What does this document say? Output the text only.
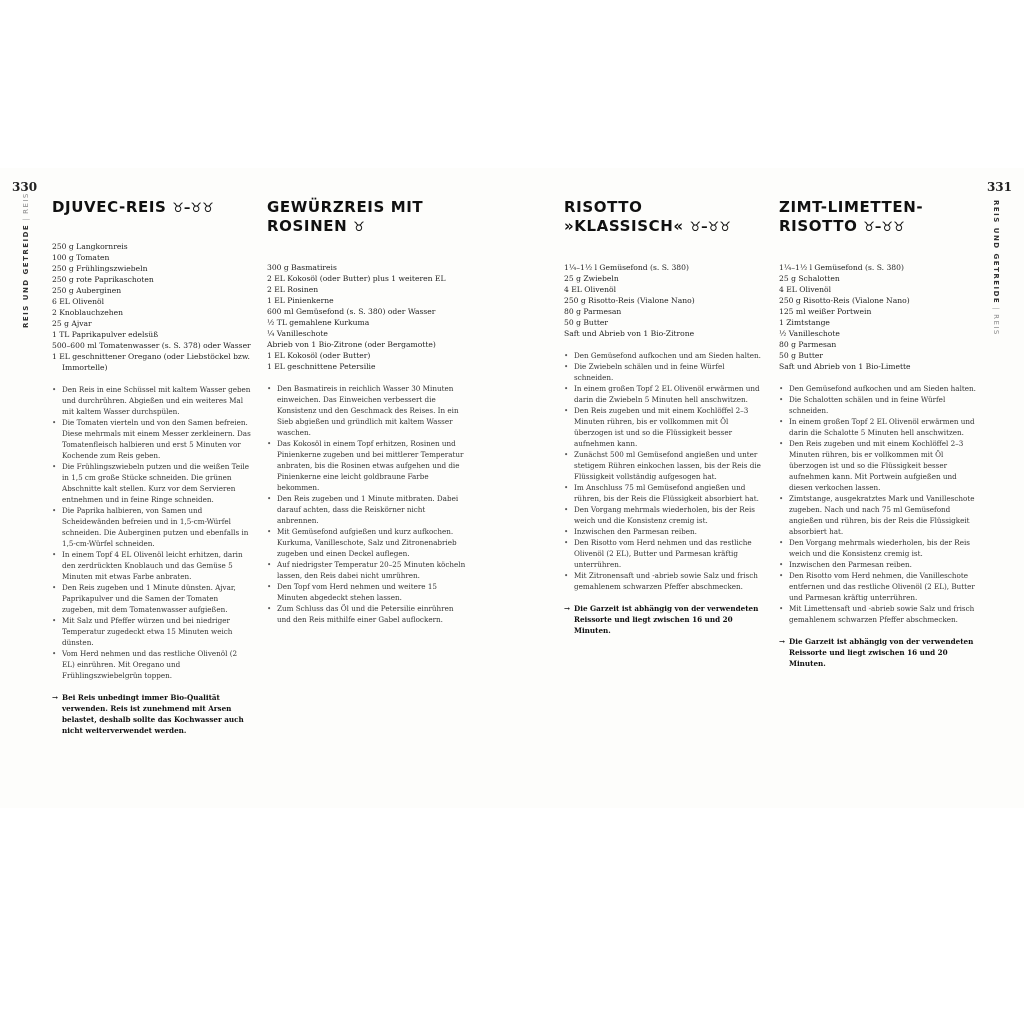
330	331
REIS UND GETREIDE|REIS	REIS UND GETREIDE|REIS
DJUVEC-REIS ♉–♉♉
250 g Langkornreis
100 g Tomaten
250 g Frühlingszwiebeln
250 g rote Paprikaschoten
250 g Auberginen
6 EL Olivenöl
2 Knoblauchzehen
25 g Ajvar
1 TL Paprikapulver edelsüß
500–600 ml Tomatenwasser (s. S. 378) oder Wasser
1 EL geschnittener Oregano (oder Liebstöckel bzw. Immortelle)
• Den Reis in eine Schüssel mit kaltem Wasser geben und durchrühren. Abgießen und ein weiteres Mal mit kaltem Wasser durchspülen.
• Die Tomaten vierteln und von den Samen befreien. Diese mehrmals mit einem Messer zerkleinern. Das Tomatenfleisch halbieren und erst 5 Minuten vor Kochende zum Reis geben.
• Die Frühlingszwiebeln putzen und die weißen Teile in 1,5 cm große Stücke schneiden. Die grünen Abschnitte kalt stellen. Kurz vor dem Servieren entnehmen und in feine Ringe schneiden.
• Die Paprika halbieren, von Samen und Scheidewänden befreien und in 1,5-cm-Würfel schneiden. Die Auberginen putzen und ebenfalls in 1,5-cm-Würfel schneiden.
• In einem Topf 4 EL Olivenöl leicht erhitzen, darin den zerdrückten Knoblauch und das Gemüse 5 Minuten mit etwas Farbe anbraten.
• Den Reis zugeben und 1 Minute dünsten. Ajvar, Paprikapulver und die Samen der Tomaten zugeben, mit dem Tomatenwasser aufgießen.
• Mit Salz und Pfeffer würzen und bei niedriger Temperatur zugedeckt etwa 15 Minuten weich dünsten.
• Vom Herd nehmen und das restliche Olivenöl (2 EL) einrühren. Mit Oregano und Frühlingszwiebelgrün toppen.

→ Bei Reis unbedingt immer Bio-Qualität verwenden. Reis ist zunehmend mit Arsen belastet, deshalb sollte das Kochwasser auch nicht weiterverwendet werden.

GEWÜRZREIS MIT ROSINEN ♉
300 g Basmatireis
2 EL Kokosöl (oder Butter) plus 1 weiteren EL
2 EL Rosinen
1 EL Pinienkerne
600 ml Gemüsefond (s. S. 380) oder Wasser
½ TL gemahlene Kurkuma
¼ Vanilleschote
Abrieb von 1 Bio-Zitrone (oder Bergamotte)
1 EL Kokosöl (oder Butter)
1 EL geschnittene Petersilie
• Den Basmatireis in reichlich Wasser 30 Minuten einweichen. Das Einweichen verbessert die Konsistenz und den Geschmack des Reises. In ein Sieb abgießen und gründlich mit kaltem Wasser waschen.
• Das Kokosöl in einem Topf erhitzen, Rosinen und Pinienkerne zugeben und bei mittlerer Temperatur anbraten, bis die Rosinen etwas aufgehen und die Pinienkerne eine leicht goldbraune Farbe bekommen.
• Den Reis zugeben und 1 Minute mitbraten. Dabei darauf achten, dass die Reiskörner nicht anbrennen.
• Mit Gemüsefond aufgießen und kurz aufkochen. Kurkuma, Vanilleschote, Salz und Zitronenabrieb zugeben und einen Deckel auflegen.
• Auf niedrigster Temperatur 20–25 Minuten köcheln lassen, den Reis dabei nicht umrühren.
• Den Topf vom Herd nehmen und weitere 15 Minuten abgedeckt stehen lassen.
• Zum Schluss das Öl und die Petersilie einrühren und den Reis mithilfe einer Gabel auflockern.
RISOTTO »KLASSISCH« ♉–♉♉
1¼–1½ l Gemüsefond (s. S. 380)
25 g Zwiebeln
4 EL Olivenöl
250 g Risotto-Reis (Vialone Nano)
80 g Parmesan
50 g Butter
Saft und Abrieb von 1 Bio-Zitrone
• Den Gemüsefond aufkochen und am Sieden halten.
• Die Zwiebeln schälen und in feine Würfel schneiden.
• In einem großen Topf 2 EL Olivenöl erwärmen und darin die Zwiebeln 5 Minuten hell anschwitzen.
• Den Reis zugeben und mit einem Kochlöffel 2–3 Minuten rühren, bis er vollkommen mit Öl überzogen ist und so die Flüssigkeit besser aufnehmen kann.
• Zunächst 500 ml Gemüsefond angießen und unter stetigem Rühren einkochen lassen, bis der Reis die Flüssigkeit vollständig aufgesogen hat.
• Im Anschluss 75 ml Gemüsefond angießen und rühren, bis der Reis die Flüssigkeit absorbiert hat.
• Den Vorgang mehrmals wiederholen, bis der Reis weich und die Konsistenz cremig ist.
• Inzwischen den Parmesan reiben.
• Den Risotto vom Herd nehmen und das restliche Olivenöl (2 EL), Butter und Parmesan kräftig unterrühren.
• Mit Zitronensaft und -abrieb sowie Salz und frisch gemahlenem schwarzen Pfeffer abschmecken.

→ Die Garzeit ist abhängig von der verwendeten Reissorte und liegt zwischen 16 und 20 Minuten.

ZIMT-LIMETTEN-RISOTTO ♉–♉♉
1¼–1½ l Gemüsefond (s. S. 380)
25 g Schalotten
4 EL Olivenöl
250 g Risotto-Reis (Vialone Nano)
125 ml weißer Portwein
1 Zimtstange
½ Vanilleschote
80 g Parmesan
50 g Butter
Saft und Abrieb von 1 Bio-Limette
• Den Gemüsefond aufkochen und am Sieden halten.
• Die Schalotten schälen und in feine Würfel schneiden.
• In einem großen Topf 2 EL Olivenöl erwärmen und darin die Schalotte 5 Minuten hell anschwitzen.
• Den Reis zugeben und mit einem Kochlöffel 2–3 Minuten rühren, bis er vollkommen mit Öl überzogen ist und so die Flüssigkeit besser aufnehmen kann. Mit Portwein aufgießen und diesen verkochen lassen.
• Zimtstange, ausgekratztes Mark und Vanilleschote zugeben. Nach und nach 75 ml Gemüsefond angießen und rühren, bis der Reis die Flüssigkeit absorbiert hat.
• Den Vorgang mehrmals wiederholen, bis der Reis weich und die Konsistenz cremig ist.
• Inzwischen den Parmesan reiben.
• Den Risotto vom Herd nehmen, die Vanilleschote entfernen und das restliche Olivenöl (2 EL), Butter und Parmesan kräftig unterrühren.
• Mit Limettensaft und -abrieb sowie Salz und frisch gemahlenem schwarzen Pfeffer abschmecken.

→ Die Garzeit ist abhängig von der verwendeten Reissorte und liegt zwischen 16 und 20 Minuten.
